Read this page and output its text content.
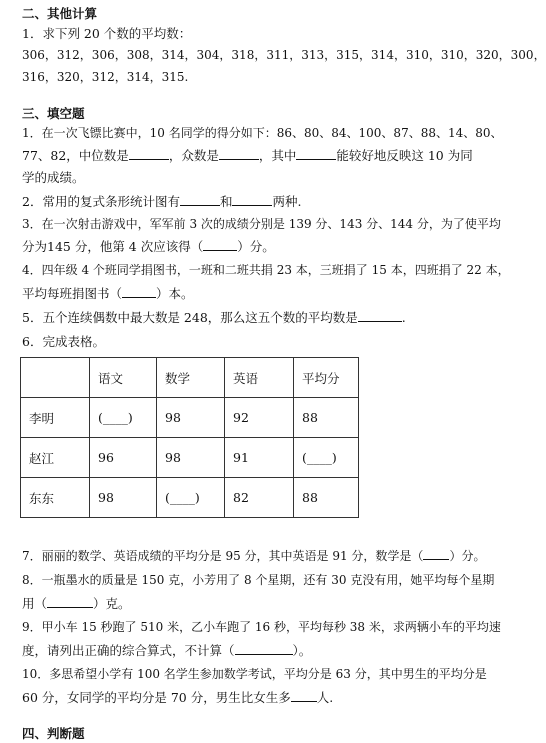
二、其他计算
1．求下列 20 个数的平均数：
306，312，306，308，314，304，318，311，313，315，314，310，310，320，300，
316，320，312，314，315.
三、填空题
1．在一次飞镖比赛中，10 名同学的得分如下：86、80、84、100、87、88、14、80、
77、82，中位数是	，众数是	，其中	能较好地反映这 10 为同
学的成绩。
2．常用的复式条形统计图有	和	两种.
3．在一次射击游戏中，军军前 3 次的成绩分别是 139 分、143 分、144 分，为了使平均
分为145 分，他第 4 次应该得（	）分。
4．四年级 4 个班同学捐图书，一班和二班共捐 23 本，三班捐了 15 本，四班捐了 22 本，
平均每班捐图书（	）本。
5．五个连续偶数中最大数是 248，那么这五个数的平均数是	.
6．完成表格。
	语文	数学	英语	平均分
李明	(____)	98	92	88
赵江	96	98	91	(____)
东东	98	(____)	82	88
7．丽丽的数学、英语成绩的平均分是 95 分，其中英语是 91 分，数学是（ ）分。
8．一瓶墨水的质量是 150 克，小芳用了 8 个星期，还有 30 克没有用，她平均每个星期
用（	）克。
9．甲小车 15 秒跑了 510 米，乙小车跑了 16 秒，平均每秒 38 米，求两辆小车的平均速
度，请列出正确的综合算式，不计算（	）。
10．多思希望小学有 100 名学生参加数学考试，平均分是 63 分，其中男生的平均分是
60 分，女同学的平均分是 70 分，男生比女生多 人.
四、判断题
